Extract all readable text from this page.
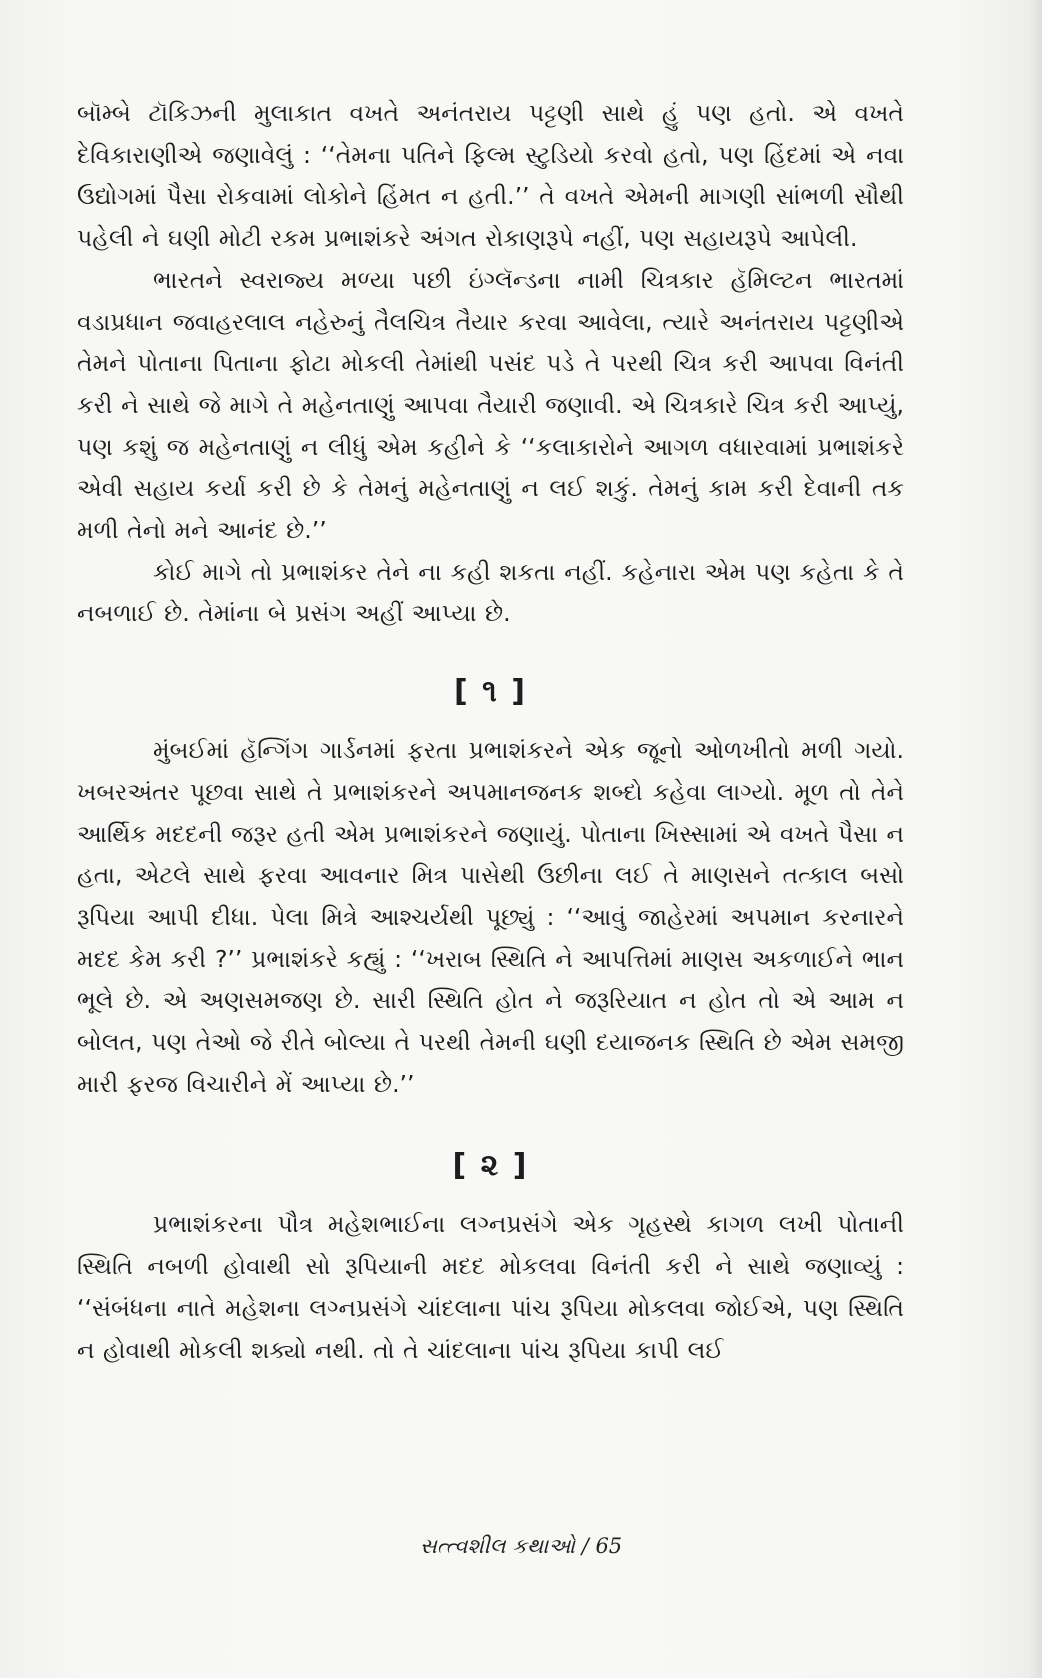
બૉમ્બે ટૉકિઝની મુલાકાત વખતે અનંતરાય પટ્ટણી સાથે હું પણ હતો. એ વખતે દેવિકારાણીએ જણાવેલું : ‘‘તેમના પતિને ફિલ્મ સ્ટુડિયો કરવો હતો, પણ હિંદમાં એ નવા ઉદ્યોગમાં પૈસા રોકવામાં લોકોને હિંમત ન હતી.’’ તે વખતે એમની માગણી સાંભળી સૌથી પહેલી ને ઘણી મોટી રકમ પ્રભાશંકરે અંગત રોકાણરૂપે નહીં, પણ સહાયરૂપે આપેલી.

ભારતને સ્વરાજ્ય મળ્યા પછી ઇંગ્લૅન્ડના નામી ચિત્રકાર હૅમિલ્ટન ભારતમાં વડાપ્રધાન જવાહરલાલ નહેરુનું તૈલચિત્ર તૈયાર કરવા આવેલા, ત્યારે અનંતરાય પટ્ટણીએ તેમને પોતાના પિતાના ફોટા મોકલી તેમાંથી પસંદ પડે તે પરથી ચિત્ર કરી આપવા વિનંતી કરી ને સાથે જે માગે તે મહેનતાણું આપવા તૈયારી જણાવી. એ ચિત્રકારે ચિત્ર કરી આપ્યું, પણ કશું જ મહેનતાણું ન લીધું એમ કહીને કે ‘‘કલાકારોને આગળ વધારવામાં પ્રભાશંકરે એવી સહાય કર્યા કરી છે કે તેમનું મહેનતાણું ન લઈ શકું. તેમનું કામ કરી દેવાની તક મળી તેનો મને આનંદ છે.’’

કોઈ માગે તો પ્રભાશંકર તેને ના કહી શકતા નહીં. કહેનારા એમ પણ કહેતા કે તે નબળાઈ છે. તેમાંના બે પ્રસંગ અહીં આપ્યા છે.

[ ૧ ]

મુંબઈમાં હૅન્ગિંગ ગાર્ડનમાં ફરતા પ્રભાશંકરને એક જૂનો ઓળખીતો મળી ગયો. ખબરઅંતર પૂછવા સાથે તે પ્રભાશંકરને અપમાનજનક શબ્દો કહેવા લાગ્યો. મૂળ તો તેને આર્થિક મદદની જરૂર હતી એમ પ્રભાશંકરને જણાયું. પોતાના ખિસ્સામાં એ વખતે પૈસા ન હતા, એટલે સાથે ફરવા આવનાર મિત્ર પાસેથી ઉછીના લઈ તે માણસને તત્કાલ બસો રૂપિયા આપી દીધા. પેલા મિત્રે આશ્ચર્યથી પૂછ્યું : ‘‘આવું જાહેરમાં અપમાન કરનારને મદદ કેમ કરી ?’’ પ્રભાશંકરે કહ્યું : ‘‘ખરાબ સ્થિતિ ને આપત્તિમાં માણસ અકળાઈને ભાન ભૂલે છે. એ અણસમજણ છે. સારી સ્થિતિ હોત ને જરૂરિયાત ન હોત તો એ આમ ન બોલત, પણ તેઓ જે રીતે બોલ્યા તે પરથી તેમની ઘણી દયાજનક સ્થિતિ છે એમ સમજી મારી ફરજ વિચારીને મેં આપ્યા છે.’’

[ ૨ ]

પ્રભાશંકરના પૌત્ર મહેશભાઈના લગ્નપ્રસંગે એક ગૃહસ્થે કાગળ લખી પોતાની સ્થિતિ નબળી હોવાથી સો રૂપિયાની મદદ મોકલવા વિનંતી કરી ને સાથે જણાવ્યું : ‘‘સંબંધના નાતે મહેશના લગ્નપ્રસંગે ચાંદલાના પાંચ રૂપિયા મોકલવા જોઈએ, પણ સ્થિતિ ન હોવાથી મોકલી શક્યો નથી. તો તે ચાંદલાના પાંચ રૂપિયા કાપી લઈ

સત્ત્વશીલ કથાઓ / 65
